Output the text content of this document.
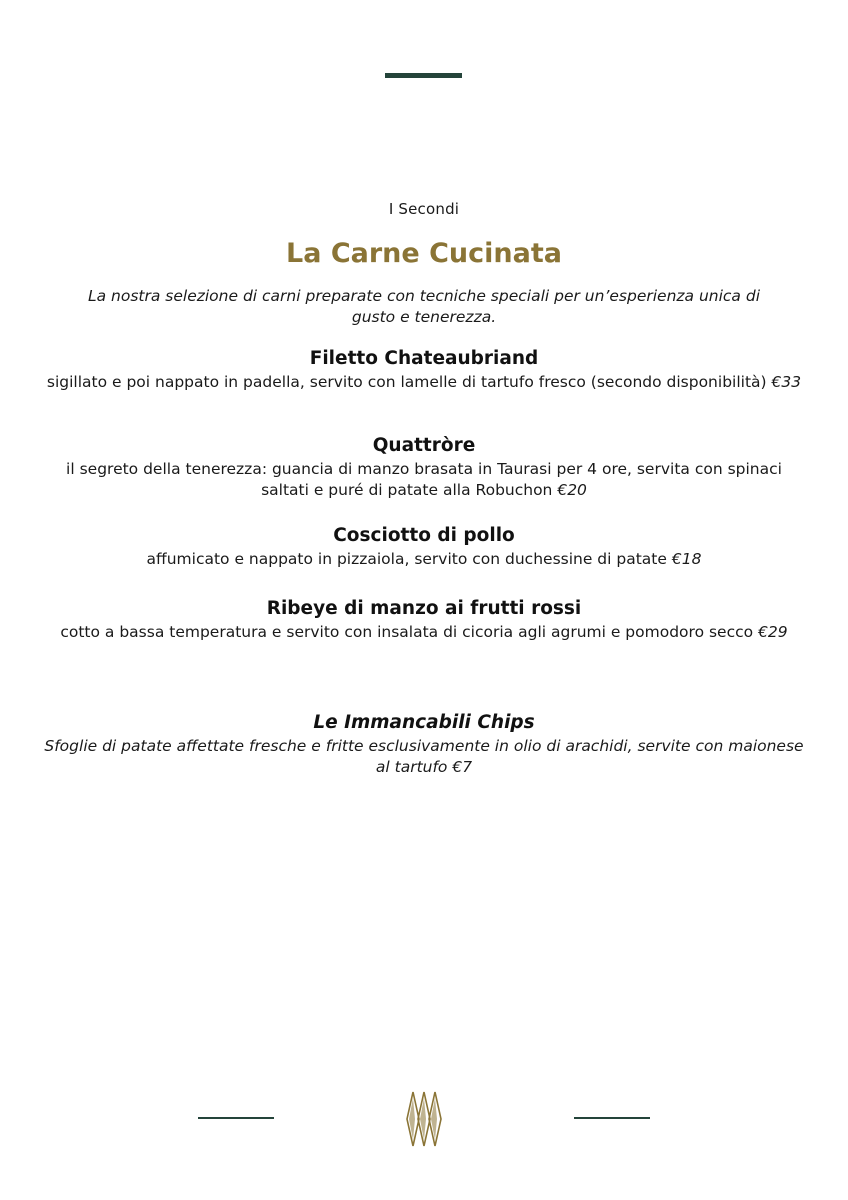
I Secondi
La Carne Cucinata
La nostra selezione di carni preparate con tecniche speciali per un’esperienza unica di gusto e tenerezza.
Filetto Chateaubriand
sigillato e poi nappato in padella, servito con lamelle di tartufo fresco (secondo disponibilità) €33
Quattròre
il segreto della tenerezza: guancia di manzo brasata in Taurasi per 4 ore, servita con spinaci saltati e puré di patate alla Robuchon €20
Cosciotto di pollo
affumicato e nappato in pizzaiola, servito con duchessine di patate €18
Ribeye di manzo ai frutti rossi
cotto a bassa temperatura e servito con insalata di cicoria agli agrumi e pomodoro secco €29
Le Immancabili Chips
Sfoglie di patate affettate fresche e fritte esclusivamente in olio di arachidi, servite con maionese al tartufo €7
